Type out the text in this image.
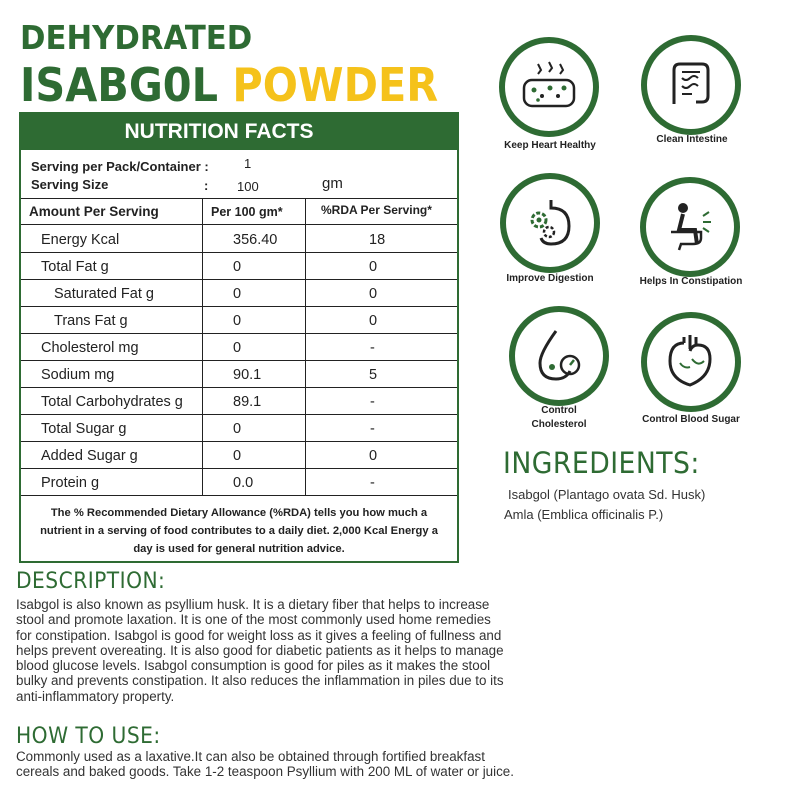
DEHYDRATED
ISABG0L POWDER
NUTRITION FACTS
Serving per Pack/Container :	1
Serving Size	: 100	gm
Amount Per Serving	Per 100 gm*	%RDA Per Serving*
Energy Kcal	356.40	18
Total Fat g	0	0
Saturated Fat g	0	0
Trans Fat g	0	0
Cholesterol mg	0	-
Sodium mg	90.1	5
Total Carbohydrates g	89.1	-
Total Sugar g	0	-
Added Sugar g	0	0
Protein g	0.0	-
The % Recommended Dietary Allowance (%RDA) tells you how much a nutrient in a serving of food contributes to a daily diet. 2,000 Kcal Energy a day is used for general nutrition advice.
Keep Heart Healthy
Clean Intestine
Improve Digestion	Helps In Constipation
Control
Cholesterol	Control Blood Sugar
INGREDIENTS:
Isabgol (Plantago ovata Sd. Husk)
Amla (Emblica officinalis P.)
DESCRIPTION:
Isabgol is also known as psyllium husk. It is a dietary fiber that helps to increase
stool and promote laxation. It is one of the most commonly used home remedies
for constipation. Isabgol is good for weight loss as it gives a feeling of fullness and
helps prevent overeating. It is also good for diabetic patients as it helps to manage
blood glucose levels. Isabgol consumption is good for piles as it makes the stool
bulky and prevents constipation. It also reduces the inflammation in piles due to its
anti-inflammatory property.
HOW TO USE:
Commonly used as a laxative.It can also be obtained through fortified breakfast
cereals and baked goods. Take 1-2 teaspoon Psyllium with 200 ML of water or juice.
